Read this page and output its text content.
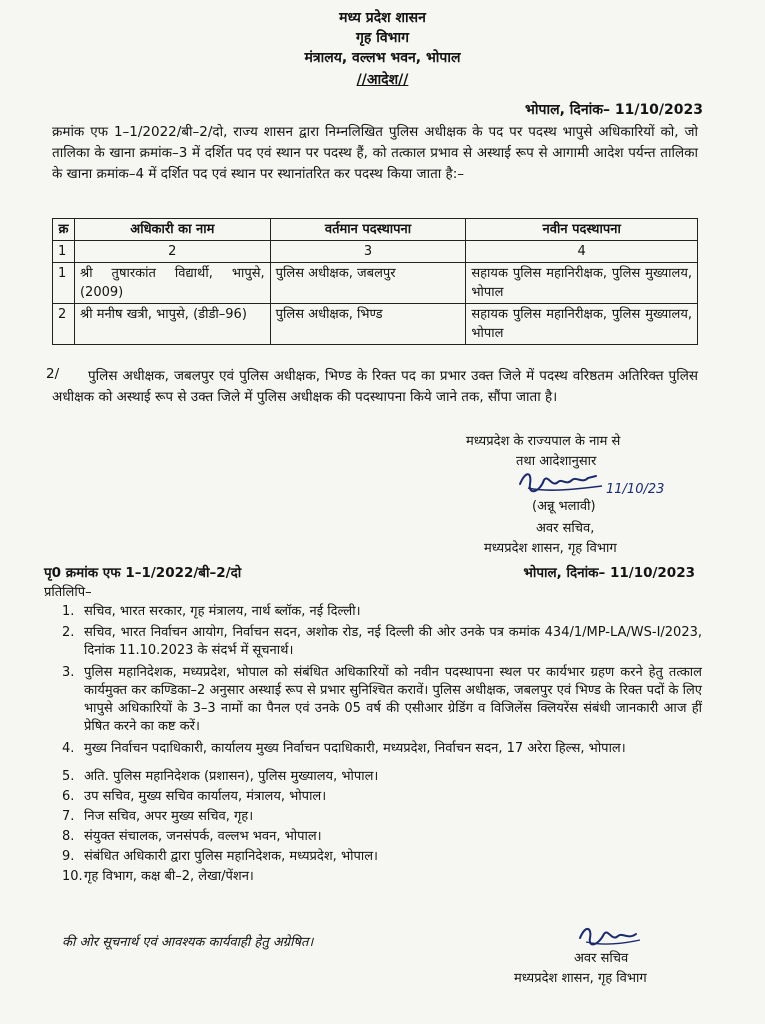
मध्य प्रदेश शासन
गृह विभाग
मंत्रालय, वल्लभ भवन, भोपाल
//आदेश//
भोपाल, दिनांक– 11/10/2023
क्रमांक एफ 1–1/2022/बी–2/दो, राज्य शासन द्वारा निम्नलिखित पुलिस अधीक्षक के पद पर पदस्थ भापुसे अधिकारियों को, जो तालिका के खाना क्रमांक–3 में दर्शित पद एवं स्थान पर पदस्थ हैं, को तत्काल प्रभाव से अस्थाई रूप से आगामी आदेश पर्यन्त तालिका के खाना क्रमांक–4 में दर्शित पद एवं स्थान पर स्थानांतरित कर पदस्थ किया जाता है:–
क्र	अधिकारी का नाम	वर्तमान पदस्थापना	नवीन पदस्थापना
1	2	3	4
1	श्री तुषारकांत विद्यार्थी, भापुसे, (2009)	पुलिस अधीक्षक, जबलपुर	सहायक पुलिस महानिरीक्षक, पुलिस मुख्यालय, भोपाल
2	श्री मनीष खत्री, भापुसे, (डीडी–96)	पुलिस अधीक्षक, भिण्ड	सहायक पुलिस महानिरीक्षक, पुलिस मुख्यालय, भोपाल
2/	पुलिस अधीक्षक, जबलपुर एवं पुलिस अधीक्षक, भिण्ड के रिक्त पद का प्रभार उक्त जिले में पदस्थ वरिष्ठतम अतिरिक्त पुलिस अधीक्षक को अस्थाई रूप से उक्त जिले में पुलिस अधीक्षक की पदस्थापना किये जाने तक, सौंपा जाता है।
मध्यप्रदेश के राज्यपाल के नाम से
तथा आदेशानुसार
11/10/23
(अन्नू भलावी)
अवर सचिव,
मध्यप्रदेश शासन, गृह विभाग
पृ0 क्रमांक एफ 1–1/2022/बी–2/दो	भोपाल, दिनांक– 11/10/2023
प्रतिलिपि–
1. सचिव, भारत सरकार, गृह मंत्रालय, नार्थ ब्लॉक, नई दिल्ली।
2. सचिव, भारत निर्वाचन आयोग, निर्वाचन सदन, अशोक रोड, नई दिल्ली की ओर उनके पत्र कमांक 434/1/MP-LA/WS-I/2023, दिनांक 11.10.2023 के संदर्भ में सूचनार्थ।
3. पुलिस महानिदेशक, मध्यप्रदेश, भोपाल को संबंधित अधिकारियों को नवीन पदस्थापना स्थल पर कार्यभार ग्रहण करने हेतु तत्काल कार्यमुक्त कर कण्डिका–2 अनुसार अस्थाई रूप से प्रभार सुनिश्चित करावें। पुलिस अधीक्षक, जबलपुर एवं भिण्ड के रिक्त पदों के लिए भापुसे अधिकारियों के 3–3 नामों का पैनल एवं उनके 05 वर्ष की एसीआर ग्रेडिंग व विजिलेंस क्लियरेंस संबंधी जानकारी आज हीं प्रेषित करने का कष्ट करें।
4. मुख्य निर्वाचन पदाधिकारी, कार्यालय मुख्य निर्वाचन पदाधिकारी, मध्यप्रदेश, निर्वाचन सदन, 17 अरेरा हिल्स, भोपाल।
5. अति. पुलिस महानिदेशक (प्रशासन), पुलिस मुख्यालय, भोपाल।
6. उप सचिव, मुख्य सचिव कार्यालय, मंत्रालय, भोपाल।
7. निज सचिव, अपर मुख्य सचिव, गृह।
8. संयुक्त संचालक, जनसंपर्क, वल्लभ भवन, भोपाल।
9. संबंधित अधिकारी द्वारा पुलिस महानिदेशक, मध्यप्रदेश, भोपाल।
10. गृह विभाग, कक्ष बी–2, लेखा/पेंशन।
की ओर सूचनार्थ एवं आवश्यक कार्यवाही हेतु अग्रेषित।
अवर सचिव
मध्यप्रदेश शासन, गृह विभाग
